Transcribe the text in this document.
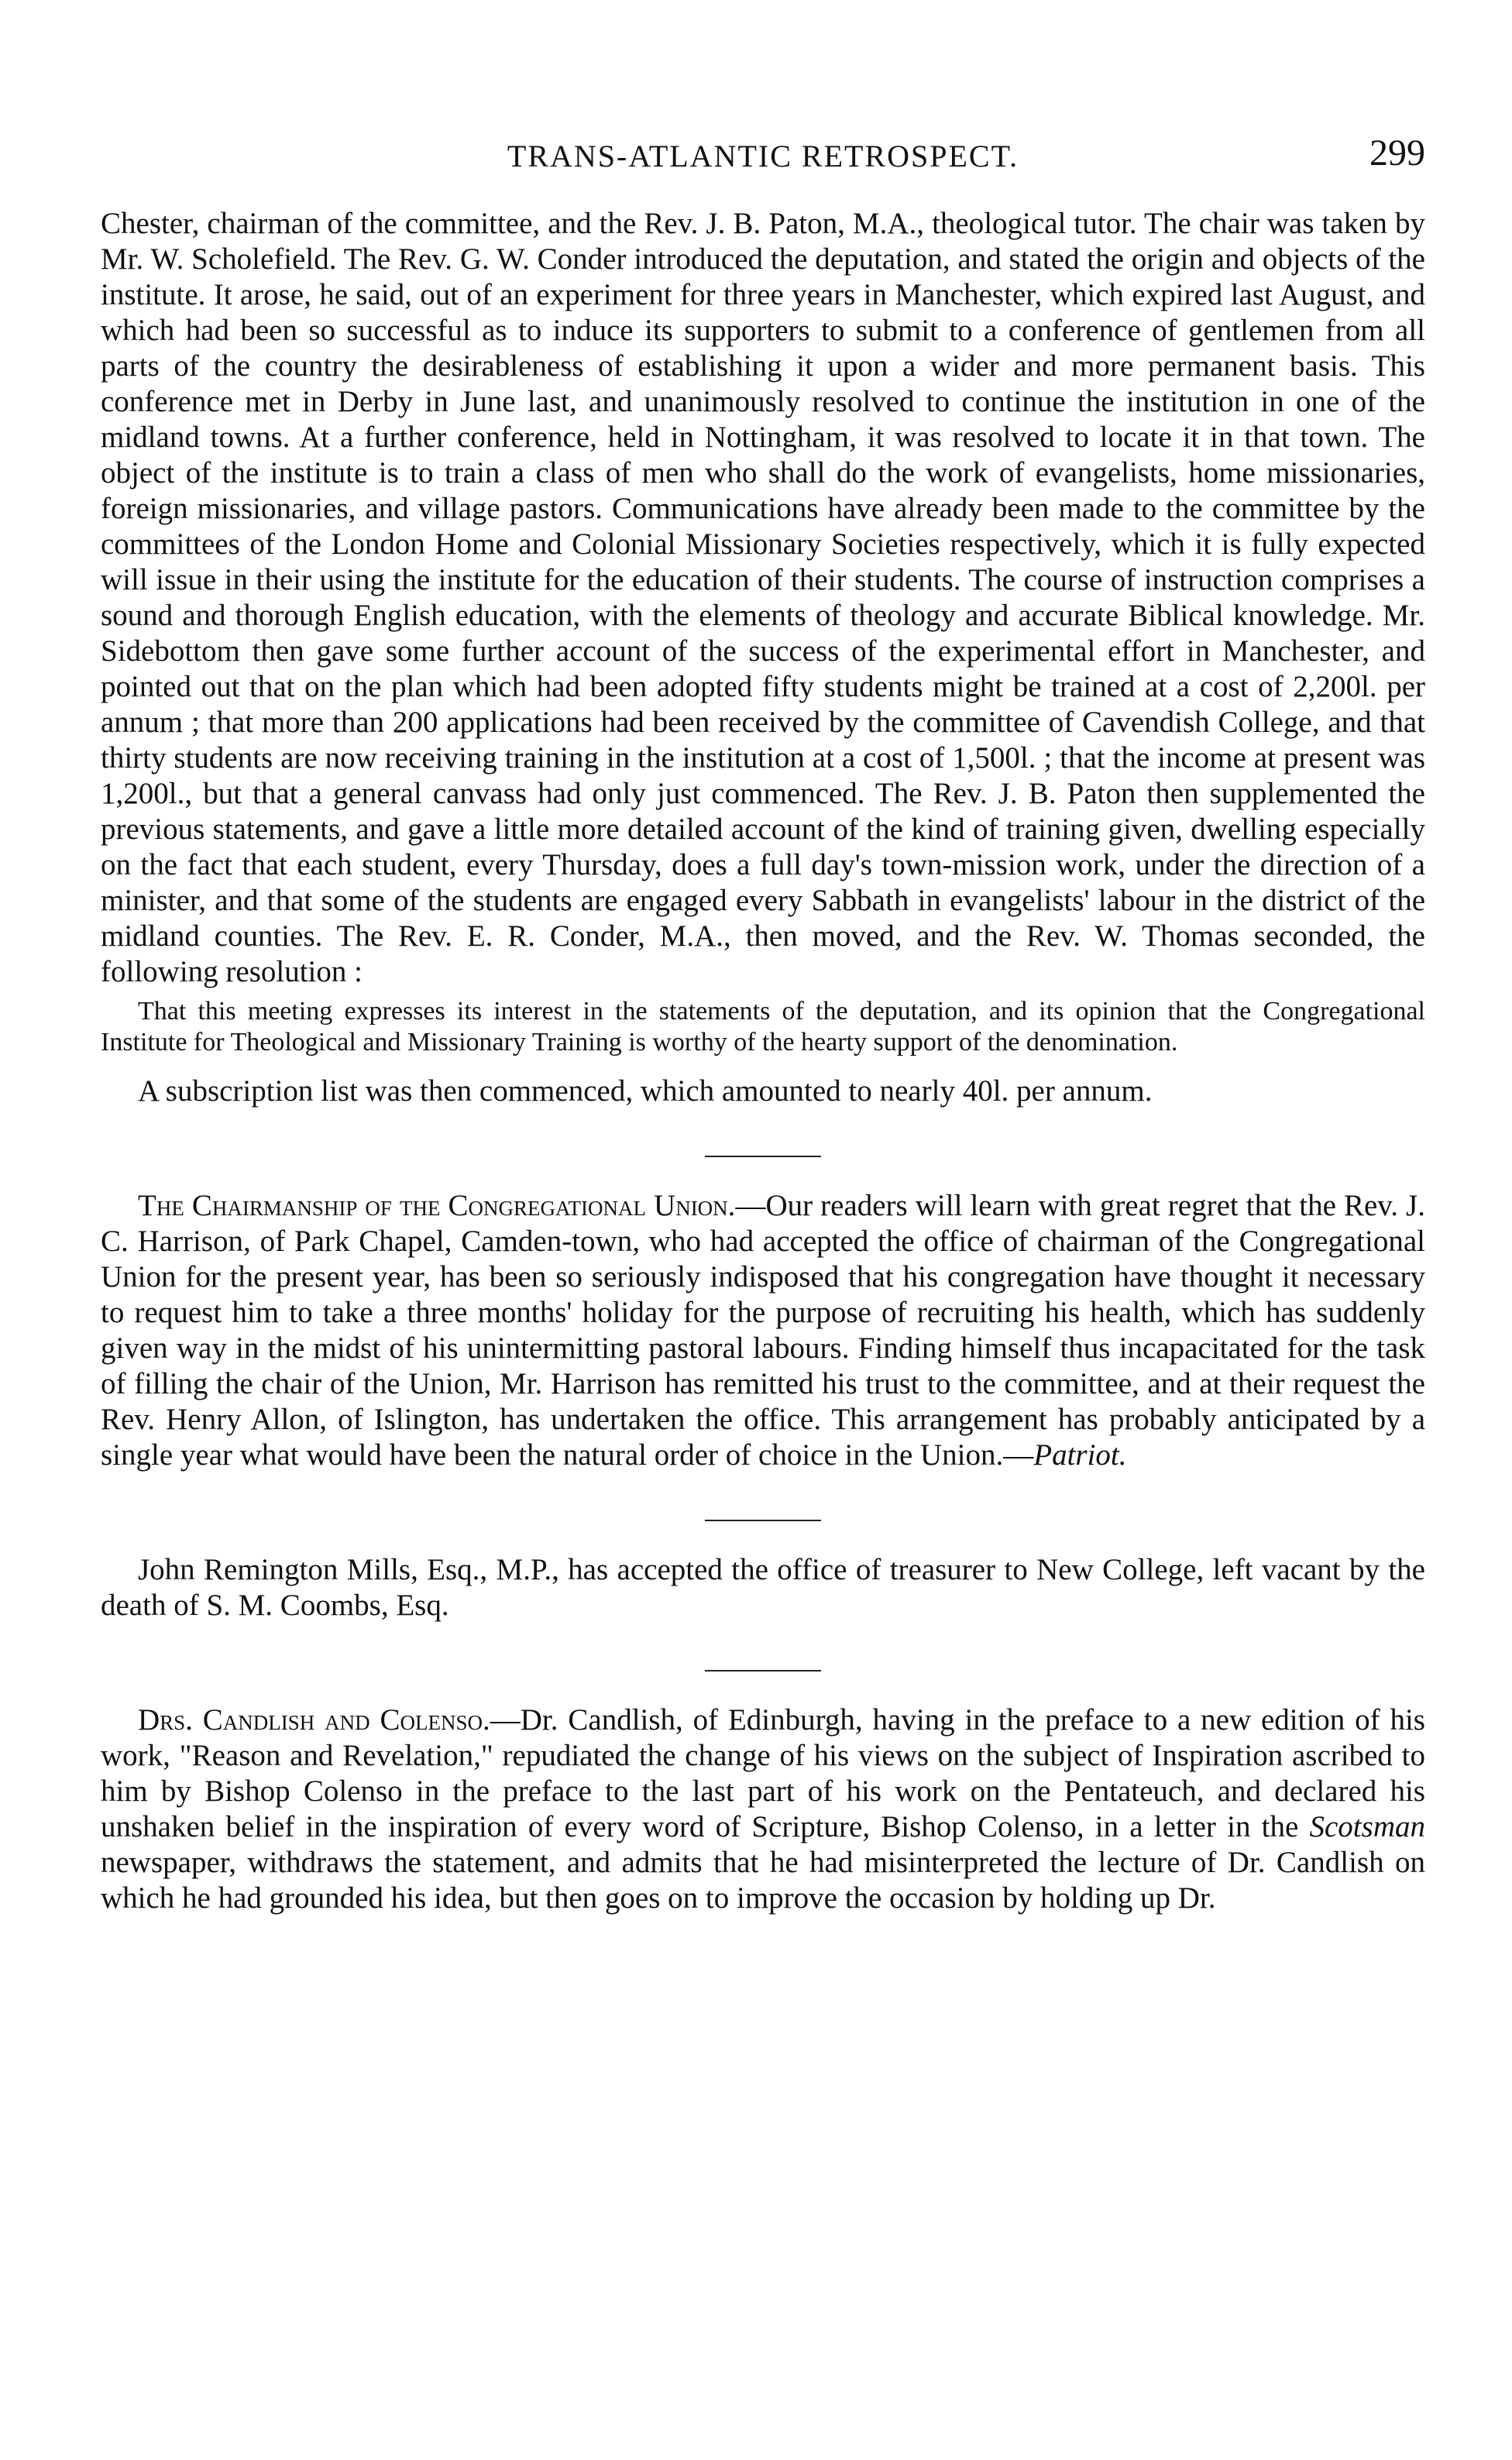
TRANS-ATLANTIC RETROSPECT.	299

Chester, chairman of the committee, and the Rev. J. B. Paton, M.A., theological tutor. The chair was taken by Mr. W. Scholefield. The Rev. G. W. Conder introduced the deputation, and stated the origin and objects of the institute. It arose, he said, out of an experiment for three years in Manchester, which expired last August, and which had been so successful as to induce its supporters to submit to a conference of gentlemen from all parts of the country the desirableness of establishing it upon a wider and more permanent basis. This conference met in Derby in June last, and unanimously resolved to continue the institution in one of the midland towns. At a further conference, held in Nottingham, it was resolved to locate it in that town. The object of the institute is to train a class of men who shall do the work of evangelists, home missionaries, foreign missionaries, and village pastors. Communications have already been made to the committee by the committees of the London Home and Colonial Missionary Societies respectively, which it is fully expected will issue in their using the institute for the education of their students. The course of instruction comprises a sound and thorough English education, with the elements of theology and accurate Biblical knowledge. Mr. Sidebottom then gave some further account of the success of the experimental effort in Manchester, and pointed out that on the plan which had been adopted fifty students might be trained at a cost of 2,200l. per annum ; that more than 200 applications had been received by the committee of Cavendish College, and that thirty students are now receiving training in the institution at a cost of 1,500l. ; that the income at present was 1,200l., but that a general canvass had only just commenced. The Rev. J. B. Paton then supplemented the previous statements, and gave a little more detailed account of the kind of training given, dwelling especially on the fact that each student, every Thursday, does a full day's town-mission work, under the direction of a minister, and that some of the students are engaged every Sabbath in evangelists' labour in the district of the midland counties. The Rev. E. R. Conder, M.A., then moved, and the Rev. W. Thomas seconded, the following resolution :

That this meeting expresses its interest in the statements of the deputation, and its opinion that the Congregational Institute for Theological and Missionary Training is worthy of the hearty support of the denomination.

A subscription list was then commenced, which amounted to nearly 40l. per annum.

The Chairmanship of the Congregational Union.—Our readers will learn with great regret that the Rev. J. C. Harrison, of Park Chapel, Camden-town, who had accepted the office of chairman of the Congregational Union for the present year, has been so seriously indisposed that his congregation have thought it necessary to request him to take a three months' holiday for the purpose of recruiting his health, which has suddenly given way in the midst of his unintermitting pastoral labours. Finding himself thus incapacitated for the task of filling the chair of the Union, Mr. Harrison has remitted his trust to the committee, and at their request the Rev. Henry Allon, of Islington, has undertaken the office. This arrangement has probably anticipated by a single year what would have been the natural order of choice in the Union.—Patriot.

John Remington Mills, Esq., M.P., has accepted the office of treasurer to New College, left vacant by the death of S. M. Coombs, Esq.

Drs. Candlish and Colenso.—Dr. Candlish, of Edinburgh, having in the preface to a new edition of his work, "Reason and Revelation," repudiated the change of his views on the subject of Inspiration ascribed to him by Bishop Colenso in the preface to the last part of his work on the Pentateuch, and declared his unshaken belief in the inspiration of every word of Scripture, Bishop Colenso, in a letter in the Scotsman newspaper, withdraws the statement, and admits that he had misinterpreted the lecture of Dr. Candlish on which he had grounded his idea, but then goes on to improve the occasion by holding up Dr.
